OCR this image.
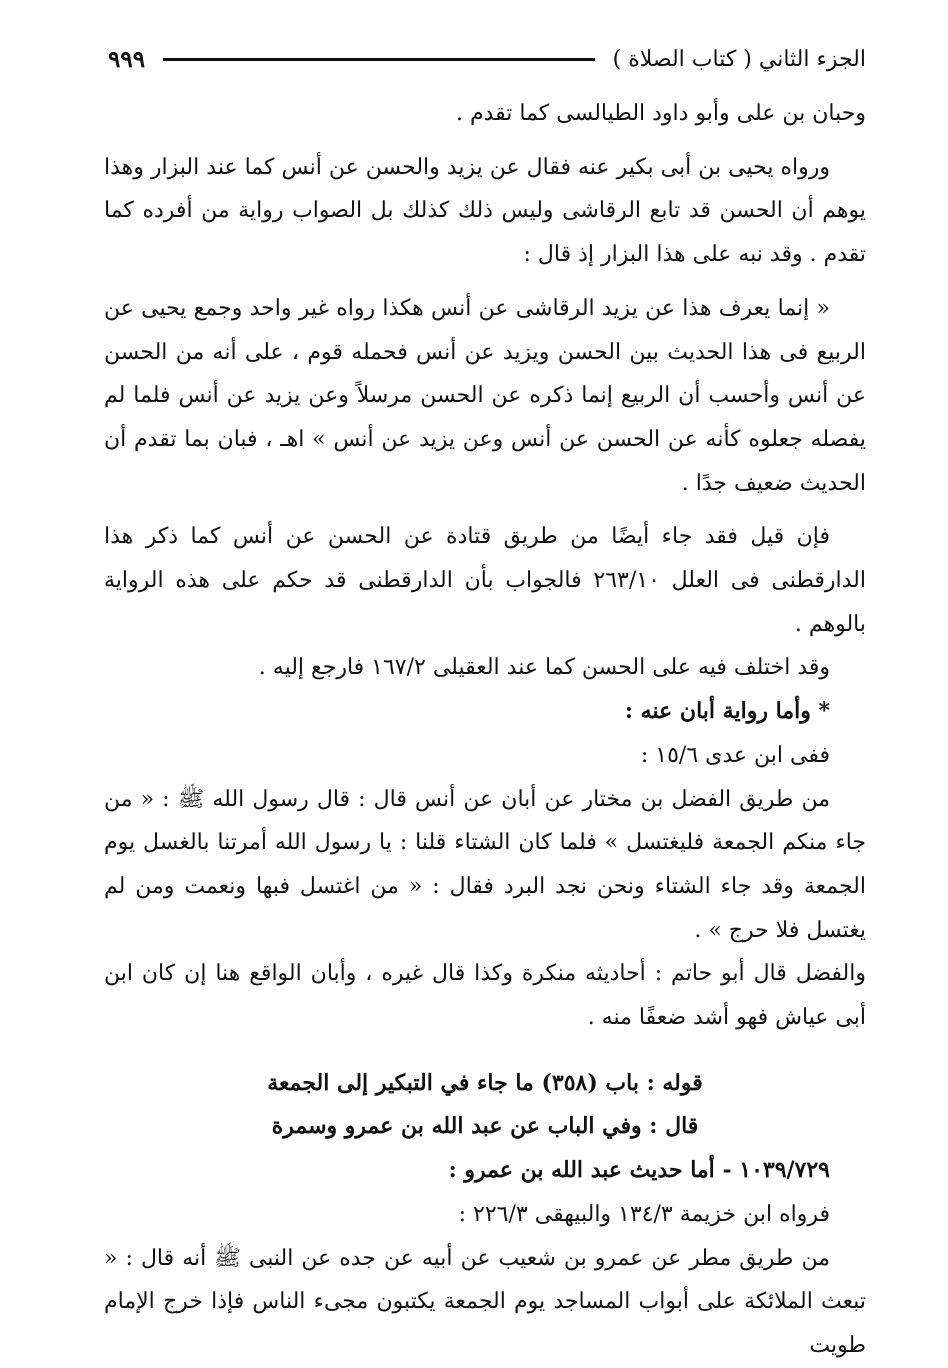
الجزء الثاني ( كتاب الصلاة )
٩٩٩

وحبان بن على وأبو داود الطيالسى كما تقدم .

ورواه يحيى بن أبى بكير عنه فقال عن يزيد والحسن عن أنس كما عند البزار وهذا يوهم أن الحسن قد تابع الرقاشى وليس ذلك كذلك بل الصواب رواية من أفرده كما تقدم . وقد نبه على هذا البزار إذ قال :

« إنما يعرف هذا عن يزيد الرقاشى عن أنس هكذا رواه غير واحد وجمع يحيى عن الربيع فى هذا الحديث بين الحسن ويزيد عن أنس فحمله قوم ، على أنه من الحسن عن أنس وأحسب أن الربيع إنما ذكره عن الحسن مرسلاً وعن يزيد عن أنس فلما لم يفصله جعلوه كأنه عن الحسن عن أنس وعن يزيد عن أنس » اهـ ، فبان بما تقدم أن الحديث ضعيف جدًا .

فإن قيل فقد جاء أيضًا من طريق قتادة عن الحسن عن أنس كما ذكر هذا الدارقطنى فى العلل ٢٦٣/١٠ فالجواب بأن الدارقطنى قد حكم على هذه الرواية بالوهم .

وقد اختلف فيه على الحسن كما عند العقيلى ١٦٧/٢ فارجع إليه .

* وأما رواية أبان عنه :

ففى ابن عدى ١٥/٦ :

من طريق الفضل بن مختار عن أبان عن أنس قال : قال رسول الله ﷺ : « من جاء منكم الجمعة فليغتسل » فلما كان الشتاء قلنا : يا رسول الله أمرتنا بالغسل يوم الجمعة وقد جاء الشتاء ونحن نجد البرد فقال : « من اغتسل فبها ونعمت ومن لم يغتسل فلا حرج » .

والفضل قال أبو حاتم : أحاديثه منكرة وكذا قال غيره ، وأبان الواقع هنا إن كان ابن أبى عياش فهو أشد ضعفًا منه .

قوله : باب (٣٥٨) ما جاء في التبكير إلى الجمعة

قال : وفي الباب عن عبد الله بن عمرو وسمرة

١٠٣٩/٧٢٩ - أما حديث عبد الله بن عمرو :

فرواه ابن خزيمة ١٣٤/٣ والبيهقى ٢٢٦/٣ :

من طريق مطر عن عمرو بن شعيب عن أبيه عن جده عن النبى ﷺ أنه قال : « تبعث الملائكة على أبواب المساجد يوم الجمعة يكتبون مجىء الناس فإذا خرج الإمام طويت
